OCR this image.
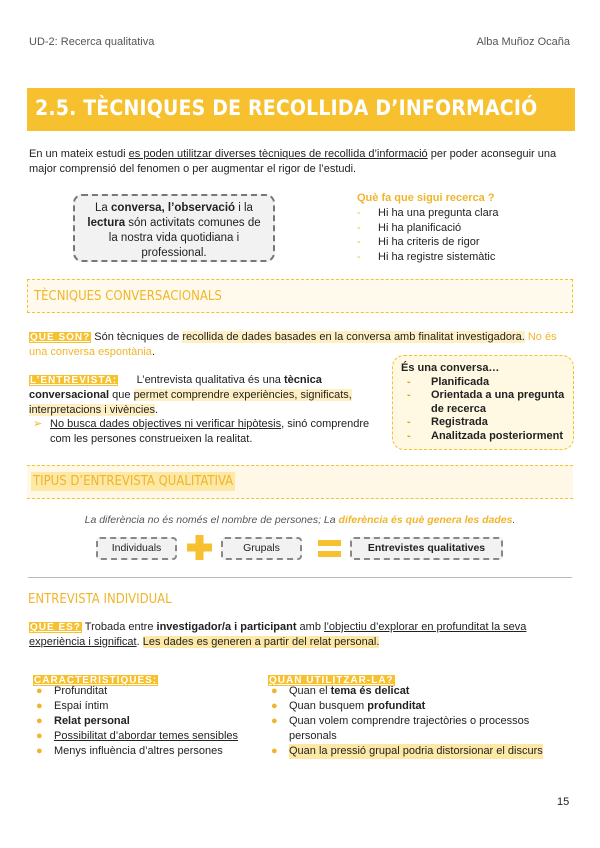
UD-2: Recerca qualitativa	Alba Muñoz Ocaña
2.5. TÈCNIQUES DE RECOLLIDA D’INFORMACIÓ
En un mateix estudi es poden utilitzar diverses tècniques de recollida d’informació per poder aconseguir una
major comprensió del fenomen o per augmentar el rigor de l’estudi.
La conversa, l’observació i la
lectura són activitats comunes de
la nostra vida quotidiana i
professional.
Què fa que sigui recerca ?
- Hi ha una pregunta clara
- Hi ha planificació
- Hi ha criteris de rigor
- Hi ha registre sistemàtic
TÈCNIQUES CONVERSACIONALS
QUÈ SÓN? Són tècniques de recollida de dades basades en la conversa amb finalitat investigadora. No és
una conversa espontània.
L’ENTREVISTA: L’entrevista qualitativa és una tècnica
conversacional que permet comprendre experiències, significats,
interpretacions i vivències.
➢ No busca dades objectives ni verificar hipòtesis, sinó comprendre
com les persones construeixen la realitat.
És una conversa…
-	Planificada
-	Orientada a una pregunta
de recerca
-	Registrada
-	Analitzada posteriorment
TIPUS D’ENTREVISTA QUALITATIVA
La diferència no és només el nombre de persones; La diferència és què genera les dades.
Individuals	Grupals	Entrevistes qualitatives
ENTREVISTA INDIVIDUAL
QUÈ ÉS? Trobada entre investigador/a i participant amb l’objectiu d’explorar en profunditat la seva
experiència i significat. Les dades es generen a partir del relat personal.
CARACTERÍSTIQUES:
●	Profunditat
●	Espai íntim
●	Relat personal
●	Possibilitat d’abordar temes sensibles
●	Menys influència d’altres persones
QUAN UTILITZAR-LA?
●	Quan el tema és delicat
●	Quan busquem profunditat
●	Quan volem comprendre trajectòries o processos
personals
●	Quan la pressió grupal podria distorsionar el discurs
15
